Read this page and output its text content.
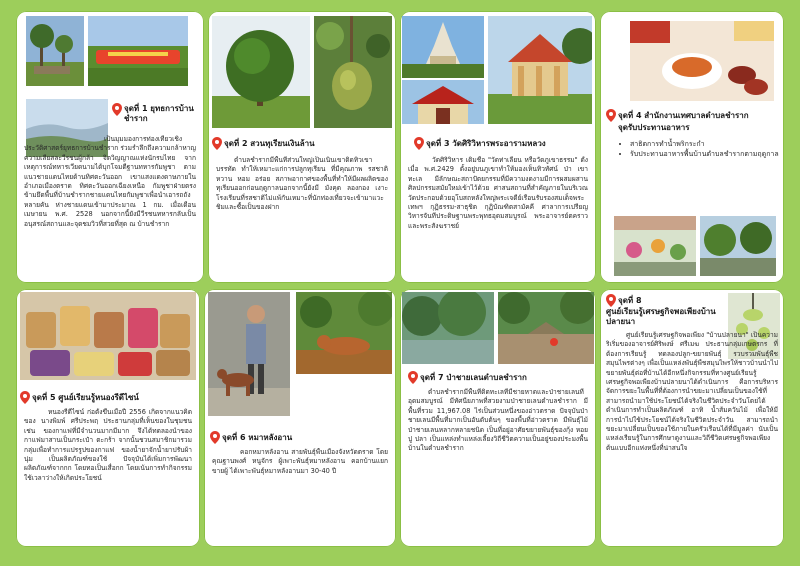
จุดที่ 1 ยุทธการบ้านชำราก
เป็นมุมมองการท่องเที่ยวเชิงประวัติศาสตร์ยุทธการบ้านชำราก ร่วมรำลึกถึงความกล้าหาญ ความเสียสละวีรชนผู้กล้า จิตวิญญาณแห่งนักรบไทย จากเหตุการณ์ทหารเวียดนามได้บุกโจมตีฐานทหารกัมพูชา ตามแนวชายแดนไทยด้านทิศตะวันออก เขาแสงแดงดาษภายในอำเภอเมืองตราด ทิศตะวันออกเฉียงเหนือ กัมพูชาฝ่ายตรงข้ามยึดพื้นที่บ้านชำรากชายแดนไทยกัมพูชาเพื่อนำเอารถถังหลายคัน ห่างชายแดนเข้ามาประมาณ 1 กม. เมื่อเดือนเมษายน พ.ศ. 2528 นอกจากนี้ยังมีวีรชนทหารกลับเป็นอนุสรณ์สถานและจุดชมวิวที่สวยที่สุด ณ บ้านชำราก
จุดที่ 2 สวนทุเรียนเงินล้าน
ตำบลชำรากมีพื้นที่ส่วนใหญ่เป็นเนินเขาติดทิวเขาบรรทัด ทำให้เหมาะแก่การปลูกทุเรียน ที่มีคุณภาพ รสชาติหวาน หอม อร่อย สภาพอากาศของพื้นที่ทำให้มีผลผลิตของทุเรียนออกก่อนฤดูกาลนอกจากนี้ยังมี มังคุด ลองกอง เงาะโรงเรียนที่รสชาติไม่แพ้กันเหมาะที่นักท่องเที่ยวจะเข้ามาแวะชิมและซื้อเป็นของฝาก
จุดที่ 3 วัดศิริวิหารพระอารามหลวง
วัดศิริวิหาร เดิมชื่อ "วัดท่าเลียน หรือวัดภูเขาธรรม" ตั้งเมื่อ พ.ศ.2429 ตั้งอยู่บนภูเขาทำให้มองเห็นทิวทัศน์ ป่า เขา ทะเล มีลักษณะสถาปัตยกรรมที่มีความงดงามมีการผสมผสานศิลปกรรมสมัยใหม่เข้าไว้ด้วย ศาสนสถานที่สำคัญภายในบริเวณวัดประกอบด้วยอุโบสถหลังใหญ่พระเจดีย์เรือนรับรองสมเด็จพระเทพฯ กุฏิธรรม-สาธุชิต กุฏิบัณฑิตสามัคคี ศาลาการเปรียญ วิหารจันทีประดิษฐานพระพุทธอุดมสมบูรณ์ พระอาจารย์ตคราวและพระสังฆราชย์
จุดที่ 4 สำนักงานเทศบาลตำบลชำราก
จุดรับประทานอาหาร
• สาธิตการทำน้ำพริกระกำ
• รับประทานอาหารพื้นบ้านตำบลชำรากตามฤดูกาล
จุดที่ 5 ศูนย์เรียนรู้หนองรีดีไซน์
หนองรีดีไซน์ ก่อตั้งขึ้นเมื่อปี 2556 เกิดจากแนวคิดของ นางพิมพ์ ศรีประพฤ ประธานกลุ่มที่เห็นของในชุมชน เช่น ของกาแฟที่มีจำนวนมากมีมาก จึงได้ทดลองนำของกาแฟมาสานเป็นกระเป๋า ตะกร้า จากนั้นชวนสมาชิกมารวมกลุ่มเพื่อทำการแปรรูปของกาแฟ ของน้ำยาจักน้ำยาปรับผ้านุ่ม เป็นผลิตภัณฑ์ของใช้ ปัจจุบันได้เพิ่มการพัฒนาผลิตภัณฑ์จากกก โดยทอเป็นเสื่อกก โดยเน้นการทำกิจกรรมใช้เวลาว่างให้เกิดประโยชน์
จุดที่ 6 หมาหลังอาน
คอกหมาหลังอาน สายพันธุ์พื้นเมืองจังหวัดตราด โดยคุณฐานพงศ์ หนูจักร ผู้เพาะพันธุ์หมาหลังอาน คอกบ้านแยกขายผู้ ได้เพาะพันธุ์หมาหลังอานมา 30-40 ปี
จุดที่ 7 ป่าชายเลนตำบลชำราก
ตำบลชำรากมีพื้นที่ติดทะเลที่มีชายหาดและป่าชายเลนที่อุดมสมบูรณ์ มีทัศนียภาพที่สวยงามป่าชายเลนตำบลชำราก มีพื้นที่รวม 11,967.08 ไร่เป็นส่วนหนึ่งของอ่าวตราด ปัจจุบันป่าชายเลนมีพื้นที่มากเป็นอันดับต้นๆ ของพื้นที่อ่าวตราด มีพันธุ์ไม้ป่าชายเลนหลากหลายชนิด เป็นที่อยู่อาศัยขยายพันธุ์ของกุ้ง หอย ปู ปลา เป็นแหล่งทำแหล่งเลี้ยงวิถีชีวิตความเป็นอยู่ของประมงพื้นบ้านในตำบลชำราก
จุดที่ 8
ศูนย์เรียนรู้เศรษฐกิจพอเพียงบ้านปลายนา
ศูนย์เรียนรู้เศรษฐกิจพอเพียง "บ้านปลายนา" เป็นความริเริ่มของอาจารย์ศิริพงษ์ ศรีเมฆ ประธานกลุ่มเกษตรกร ที่ต้องการเรียนรู้ ทดลองปลูก-ขยายพันธุ์ รวบรวมพันธุ์พืชสมุนไพรต่างๆ เพื่อเป็นแหล่งพันธุ์พืชสมุนไพรให้ชาวบ้านนำไปขยายพันธุ์ต่อที่บ้านได้อีกหนึ่งกิจกรรมที่ทางศูนย์เรียนรู้เศรษฐกิจพอเพียงบ้านปลายนาได้ดำเนินการ คือการบริหารจัดการขยะในพื้นที่ที่ต้องการนำขยะมาเปลี่ยนเป็นของใช้ที่สามารถนำมาใช้ประโยชน์ได้จริงในชีวิตประจำวันโดยได้ดำเนินการทำเป็นผลิตภัณฑ์ อาทิ น้ำส้มควันไม้ เพื่อให้มีการนำไปใช้ประโยชน์ได้จริงในชีวิตประจำวัน สามารถนำขยะมาเปลี่ยนเป็นของใช้ภายในครัวเรือนได้ที่มีมูลค่า นับเป็นแหล่งเรียนรู้ในการศึกษาดูงานและวิถีชีวิตเศรษฐกิจพอเพียงต้นแบบอีกแห่งหนึ่งที่น่าสนใจ
